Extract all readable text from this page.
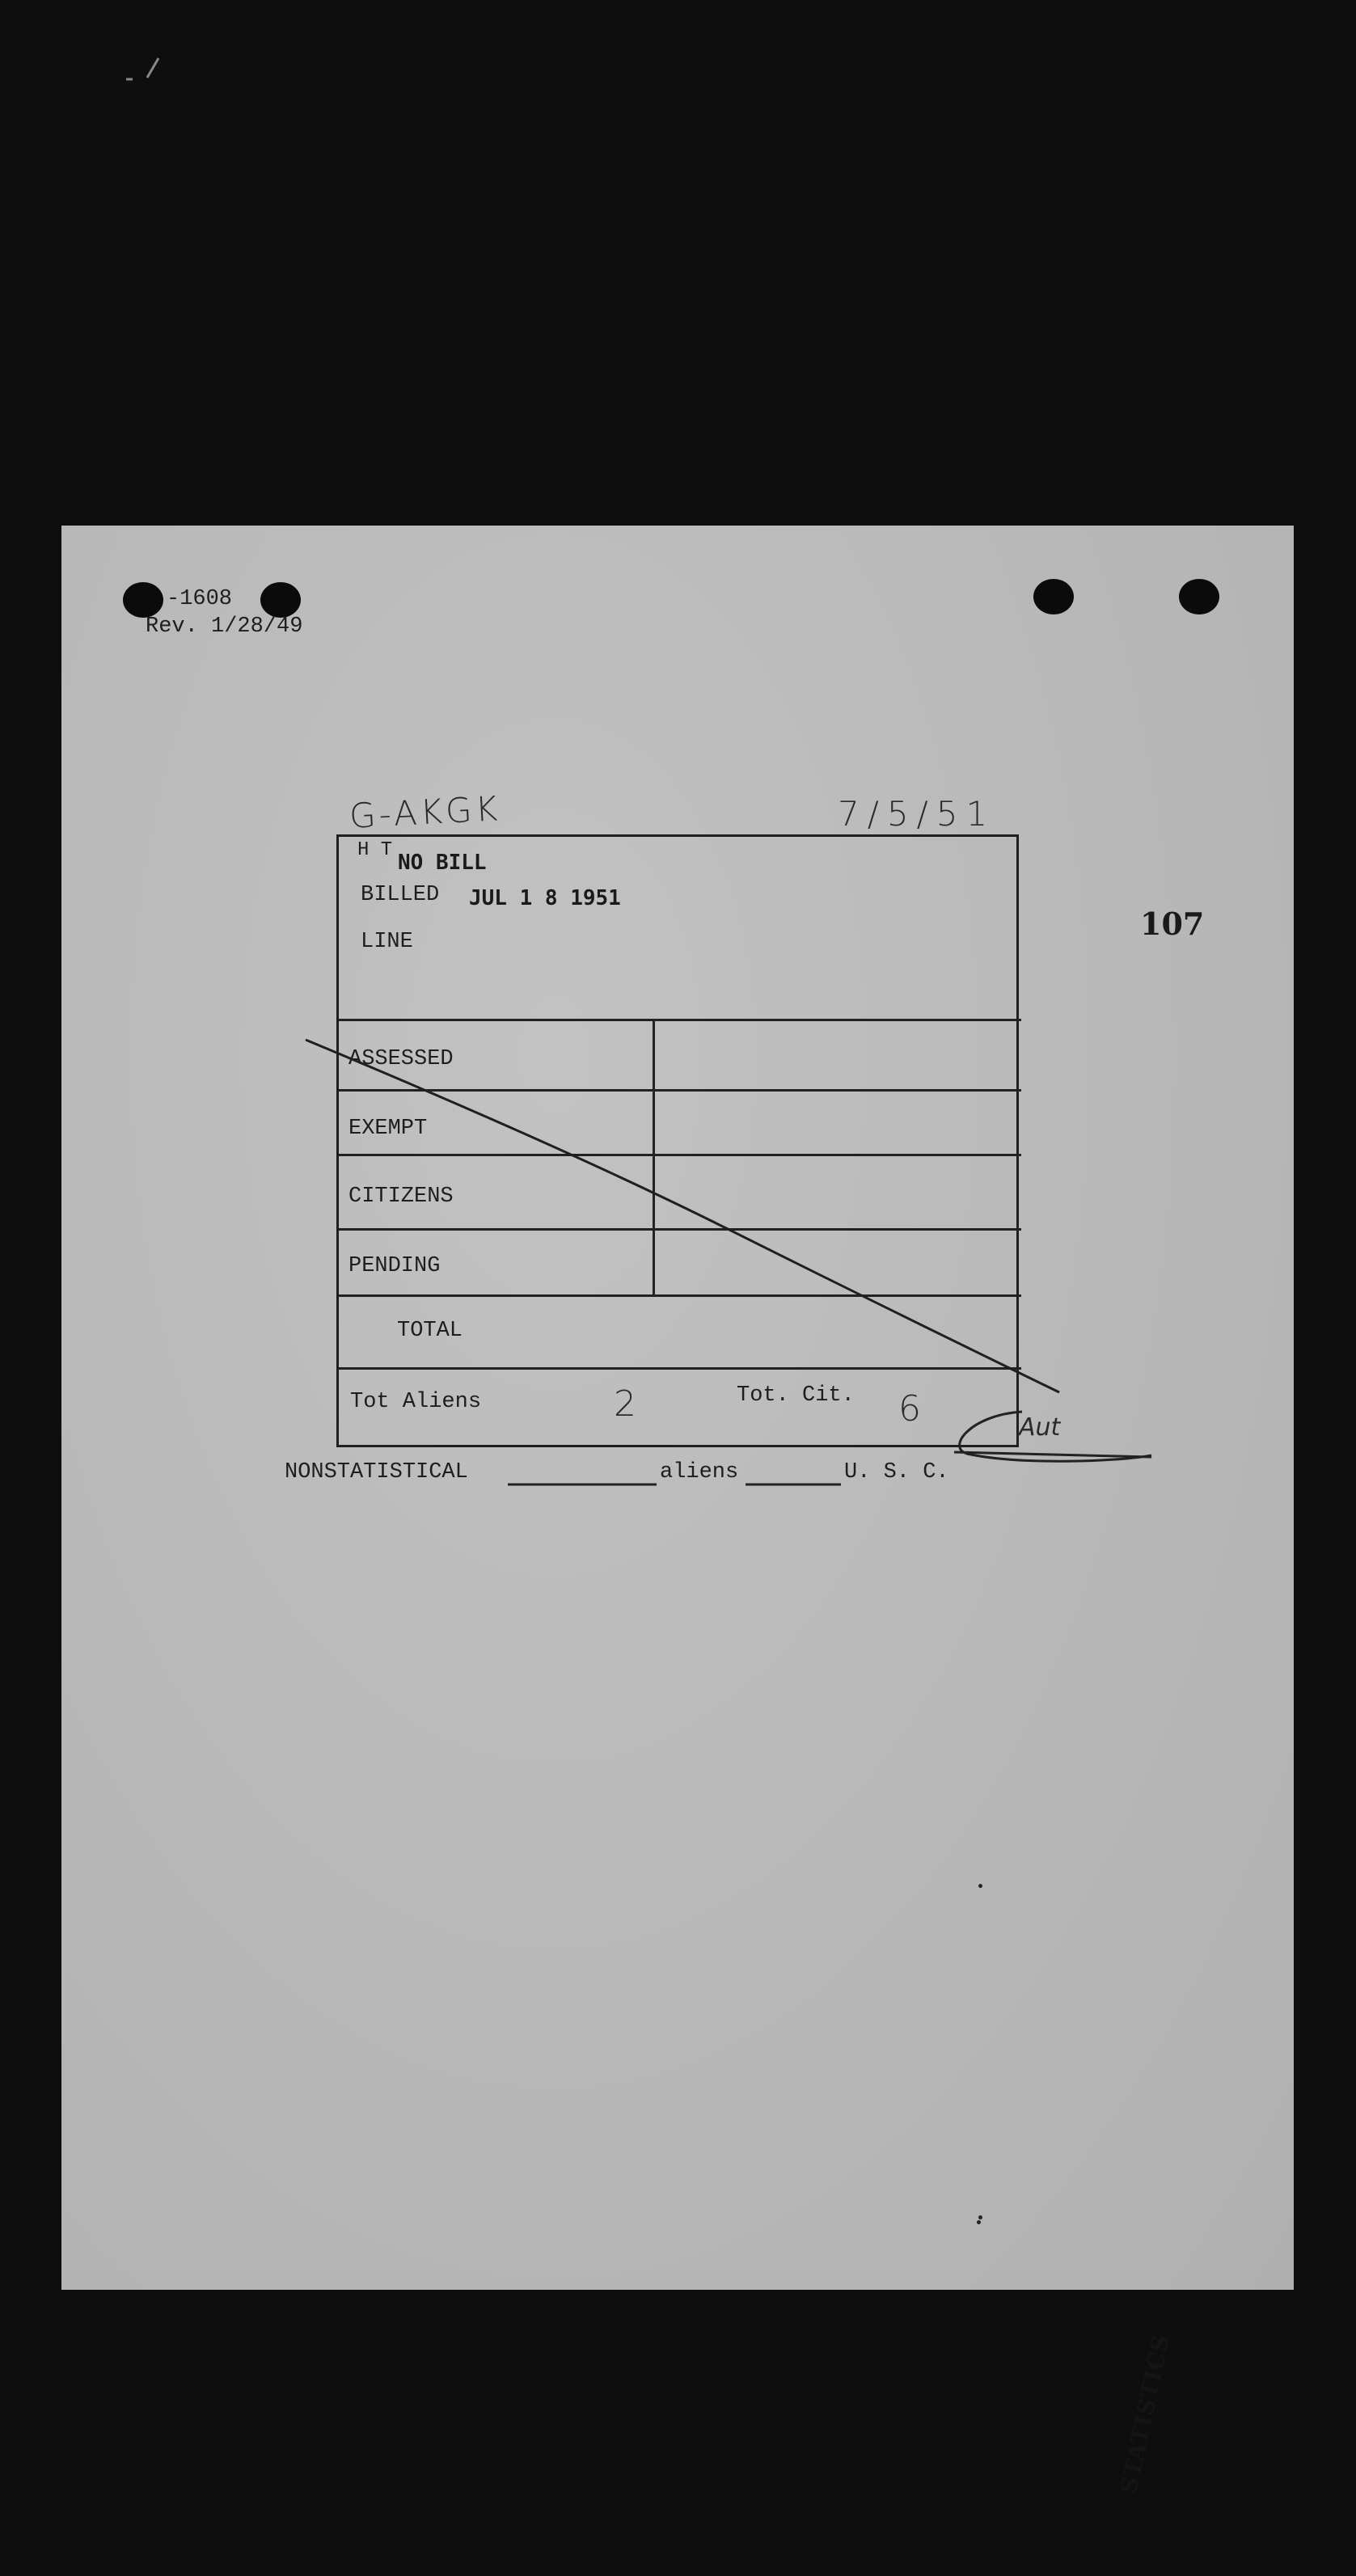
-1608
Rev. 1/28/49
G-AKGK	7/5/51
107
H T
NO BILL
BILLED JUL 1 8 1951
LINE
STATISTICS
ASSESSED
EXEMPT
CITIZENS
PENDING
TOTAL
Tot Aliens	2	Tot. Cit. 6	Aut
NONSTATISTICAL	aliens	U. S. C.
